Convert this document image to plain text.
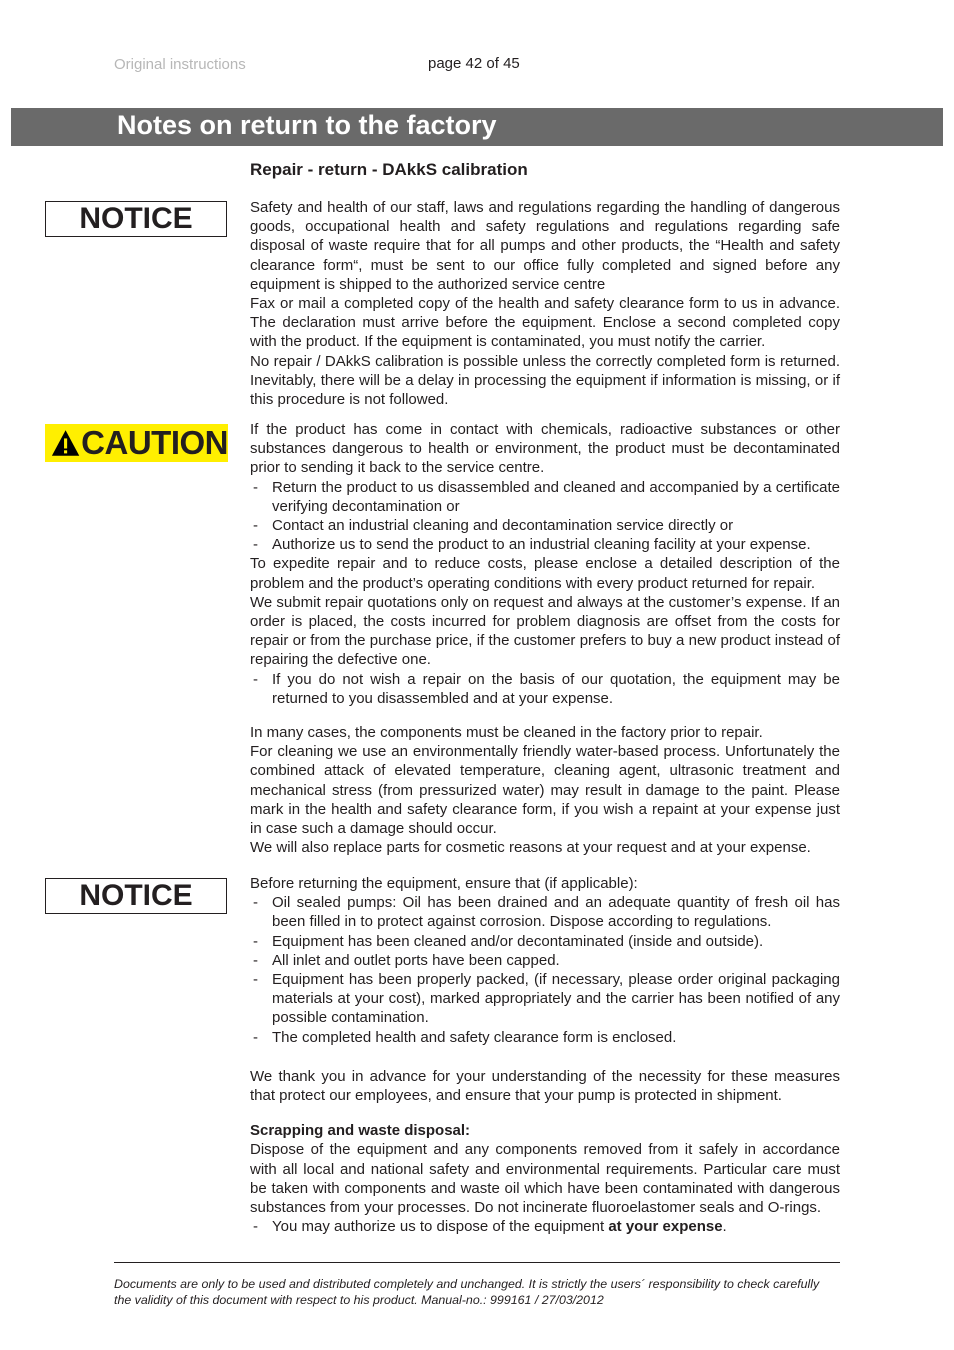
Original instructions	page 42 of 45
Notes on return to the factory
Repair - return - DAkkS calibration
NOTICE
CAUTION
NOTICE

Safety and health of our staff, laws and regulations regarding the handling of dangerous goods, occupational health and safety regulations and regulations regarding safe disposal of waste require that for all pumps and other products, the “Health and safety clearance form“, must be sent to our office fully completed and signed before any equipment is shipped to the authorized service centre

Fax or mail a completed copy of the health and safety clearance form to us in advance. The declaration must arrive before the equipment. Enclose a second completed copy with the product. If the equipment is contaminated, you must notify the carrier.

No repair / DAkkS calibration is possible unless the correctly completed form is returned. Inevitably, there will be a delay in processing the equipment if information is missing, or if this procedure is not followed.

If the product has come in contact with chemicals, radioactive substances or other substances dangerous to health or environment, the product must be decontaminated prior to sending it back to the service centre.

- Return the product to us disassembled and cleaned and accompanied by a certificate verifying decontamination or
- Contact an industrial cleaning and decontamination service directly or
- Authorize us to send the product to an industrial cleaning facility at your expense.

To expedite repair and to reduce costs, please enclose a detailed description of the problem and the product’s operating conditions with every product returned for repair.

We submit repair quotations only on request and always at the customer’s expense. If an order is placed, the costs incurred for problem diagnosis are offset from the costs for repair or from the purchase price, if the customer prefers to buy a new product instead of repairing the defective one.

- If you do not wish a repair on the basis of our quotation, the equipment may be returned to you disassembled and at your expense.

In many cases, the components must be cleaned in the factory prior to repair.

For cleaning we use an environmentally friendly water-based process. Unfortunately the combined attack of elevated temperature, cleaning agent, ultrasonic treatment and mechanical stress (from pressurized water) may result in damage to the paint. Please mark in the health and safety clearance form, if you wish a repaint at your expense just in case such a damage should occur.

We will also replace parts for cosmetic reasons at your request and at your expense.

Before returning the equipment, ensure that (if applicable):

- Oil sealed pumps: Oil has been drained and an adequate quantity of fresh oil has been filled in to protect against corrosion. Dispose according to regulations.
- Equipment has been cleaned and/or decontaminated (inside and outside).
- All inlet and outlet ports have been capped.
- Equipment has been properly packed, (if necessary, please order original packaging materials at your cost), marked appropriately and the carrier has been notified of any possible contamination.
- The completed health and safety clearance form is enclosed.

We thank you in advance for your understanding of the necessity for these measures that protect our employees, and ensure that your pump is protected in shipment.

Scrapping and waste disposal:

Dispose of the equipment and any components removed from it safely in accordance with all local and national safety and environmental requirements. Particular care must be taken with components and waste oil which have been contaminated with dangerous substances from your processes. Do not incinerate fluoroelastomer seals and O-rings.

- You may authorize us to dispose of the equipment at your expense.
Documents are only to be used and distributed completely and unchanged. It is strictly the users´ responsibility to check carefully
the validity of this document with respect to his product. Manual-no.: 999161 / 27/03/2012
